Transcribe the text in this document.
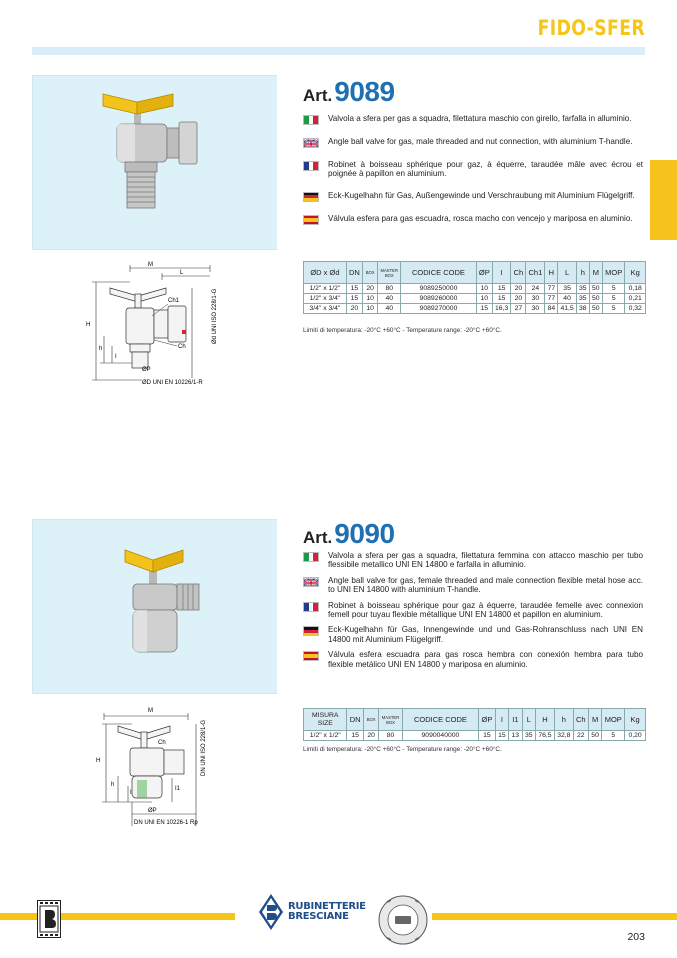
FIDO-SFER
Art. 9089
Valvola a sfera per gas a squadra, filettatura maschio con girello, farfalla in alluminio.
Angle ball valve for gas, male threaded and nut connection, with aluminium T-handle.
Robinet à boisseau sphérique pour gaz, à équerre, taraudée mâle avec écrou et poignée à papillon en aluminium.
Eck-Kugelhahn für Gas, Außengewinde und Verschraubung mit Aluminium Flügelgriff.
Válvula esfera para gas escuadra, rosca macho con vencejo y mariposa en aluminio.
M
L
Ch1
Ch
H
h
I
ØP
ØD UNI EN 10226/1-R
Ød UNI ISO 228/1-G
ØD x Ød	DN	BOX	MASTER BOX	CODICE CODE	ØP	I	Ch	Ch1	H	L	h	M	MOP	Kg
1/2" x 1/2"	15	20	80	9089250000	10	15	20	24	77	35	35	50	5	0,18
1/2" x 3/4"	15	10	40	9089260000	10	15	20	30	77	40	35	50	5	0,21
3/4" x 3/4"	20	10	40	9089270000	15	16,3	27	30	84	41,5	38	50	5	0,32
Limiti di temperatura: -20°C +60°C - Temperature range: -20°C +60°C.
Art. 9090
Valvola a sfera per gas a squadra, filettatura femmina con attacco maschio per tubo flessibile metallico UNI EN 14800 e farfalla in alluminio.
Angle ball valve for gas, female threaded and male connection flexible metal hose acc. to UNI EN 14800 with aluminium T-handle.
Robinet à boisseau sphérique pour gaz à équerre, taraudée femelle avec connexion femell pour tuyau flexible métallique UNI EN 14800 et papillon en aluminium.
Eck-Kugelhahn für Gas, Innengewinde und und Gas-Rohranschluss nach UNI EN 14800 mit Aluminium Flügelgriff.
Válvula esfera escuadra para gas rosca hembra con conexión hembra para tubo flexible metálico UNI EN 14800 y mariposa en aluminio.
M
Ch
H
h
I
I1
ØP
DN UNI EN 10226-1 Rp
DN UNI ISO 228/1-G
MISURA SIZE	DN	BOX	MASTER BOX	CODICE CODE	ØP	I	I1	L	H	h	Ch	M	MOP	Kg
1/2" x 1/2"	15	20	80	9090040000	15	15	13	35	76,5	32,8	22	50	5	0,20
Limiti di temperatura: -20°C +60°C - Temperature range: -20°C +60°C.
RUBINETTERIE
BRESCIANE
203
